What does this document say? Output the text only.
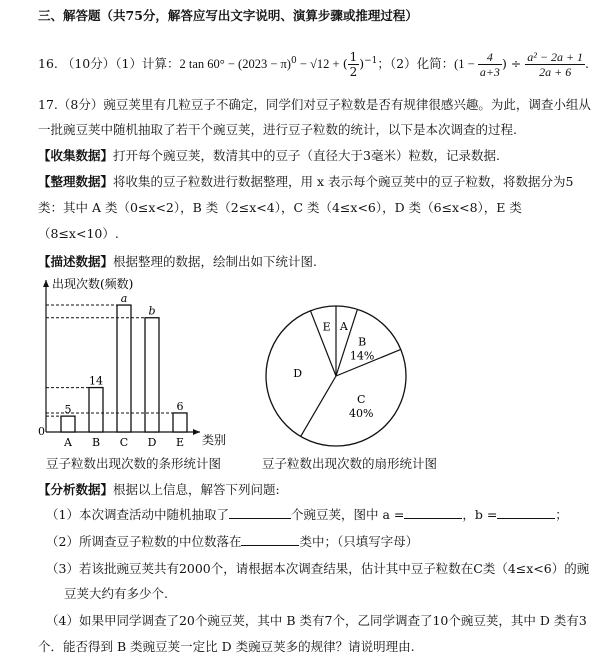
三、解答题（共75分，解答应写出文字说明、演算步骤或推理过程）
16. （10分）（1）计算：2 $\tan 60^\circ - (2023 - \pi)^0 - √12$ + ( $\frac{1}{2} )^{-1}$；（2）化简：($1 - \frac{4}{a+3}$ ) ÷ $\frac{\text{a² − 2a + 1}}{2a + 6}$ .
17.（8分）豌豆荚里有几粒豆子不确定，同学们对豆子粒数是否有规律很感兴趣。为此，调查小组从
一批豌豆荚中随机抽取了若干个豌豆荚，进行豆子粒数的统计，以下是本次调查的过程.
【收集数据】打开每个豌豆荚，数清其中的豆子（直径大于3毫米）粒数，记录数据.
【整理数据】将收集的豆子粒数进行数据整理，用 x 表示每个豌豆荚中的豆子粒数，将数据分为5
类：其中 A 类（0≤x<2），B 类（2≤x<4），C 类（4≤x<6），D 类（6≤x<8），E 类
（8≤x<10）.
【描述数据】根据整理的数据，绘制出如下统计图.
出现次数(频数)
类别
0
5
A
14
B
a
C
b
D
6
E
A
B
14%
C
40%
D
E
豆子粒数出现次数的条形统计图	豆子粒数出现次数的扇形统计图
【分析数据】根据以上信息，解答下列问题:
（1）本次调查活动中随机抽取了	个豌豆荚，图中 a =	，b =	；
（2）所调查豆子粒数的中位数落在	类中；（只填写字母）
（3）若该批豌豆荚共有2000个，请根据本次调查结果，估计其中豆子粒数在C类（4≤x<6）的豌
豆荚大约有多少个.
（4）如果甲同学调查了20个豌豆荚，其中 B 类有7个，乙同学调查了10个豌豆荚，其中 D 类有3
个．能否得到 B 类豌豆荚一定比 D 类豌豆荚多的规律？请说明理由.
